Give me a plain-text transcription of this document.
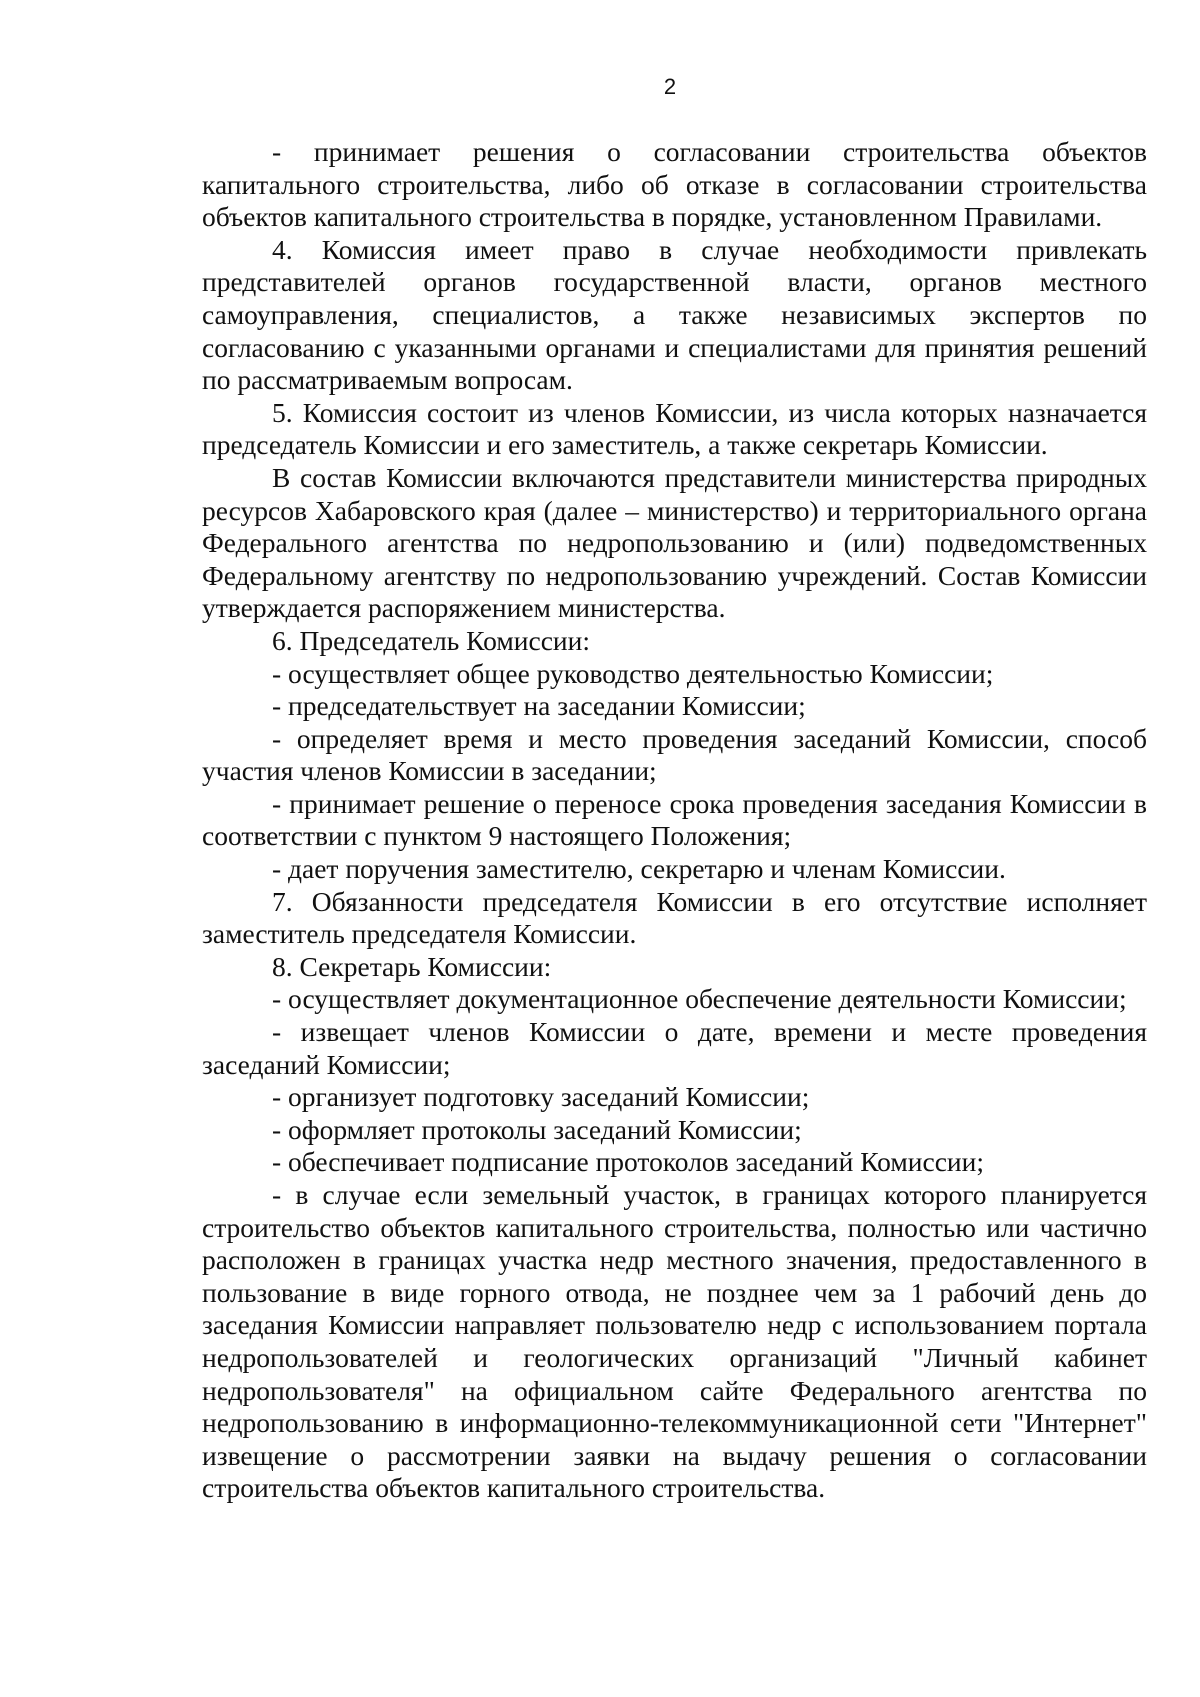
2

- принимает решения о согласовании строительства объектов капитального строительства, либо об отказе в согласовании строительства объектов капитального строительства в порядке, установленном Правилами.

4. Комиссия имеет право в случае необходимости привлекать представителей органов государственной власти, органов местного самоуправления, специалистов, а также независимых экспертов по согласованию с указанными органами и специалистами для принятия решений по рассматриваемым вопросам.

5. Комиссия состоит из членов Комиссии, из числа которых назначается председатель Комиссии и его заместитель, а также секретарь Комиссии.

В состав Комиссии включаются представители министерства природных ресурсов Хабаровского края (далее – министерство) и территориального органа Федерального агентства по недропользованию и (или) подведомственных Федеральному агентству по недропользованию учреждений. Состав Комиссии утверждается распоряжением министерства.

6. Председатель Комиссии:

- осуществляет общее руководство деятельностью Комиссии;

- председательствует на заседании Комиссии;

- определяет время и место проведения заседаний Комиссии, способ участия членов Комиссии в заседании;

- принимает решение о переносе срока проведения заседания Комиссии в соответствии с пунктом 9 настоящего Положения;

- дает поручения заместителю, секретарю и членам Комиссии.

7. Обязанности председателя Комиссии в его отсутствие исполняет заместитель председателя Комиссии.

8. Секретарь Комиссии:

- осуществляет документационное обеспечение деятельности Комиссии;

- извещает членов Комиссии о дате, времени и месте проведения заседаний Комиссии;

- организует подготовку заседаний Комиссии;

- оформляет протоколы заседаний Комиссии;

- обеспечивает подписание протоколов заседаний Комиссии;

- в случае если земельный участок, в границах которого планируется строительство объектов капитального строительства, полностью или частично расположен в границах участка недр местного значения, предоставленного в пользование в виде горного отвода, не позднее чем за 1 рабочий день до заседания Комиссии направляет пользователю недр с использованием портала недропользователей и геологических организаций "Личный кабинет недропользователя" на официальном сайте Федерального агентства по недропользованию в информационно-телекоммуникационной сети "Интернет" извещение о рассмотрении заявки на выдачу решения о согласовании строительства объектов капитального строительства.
